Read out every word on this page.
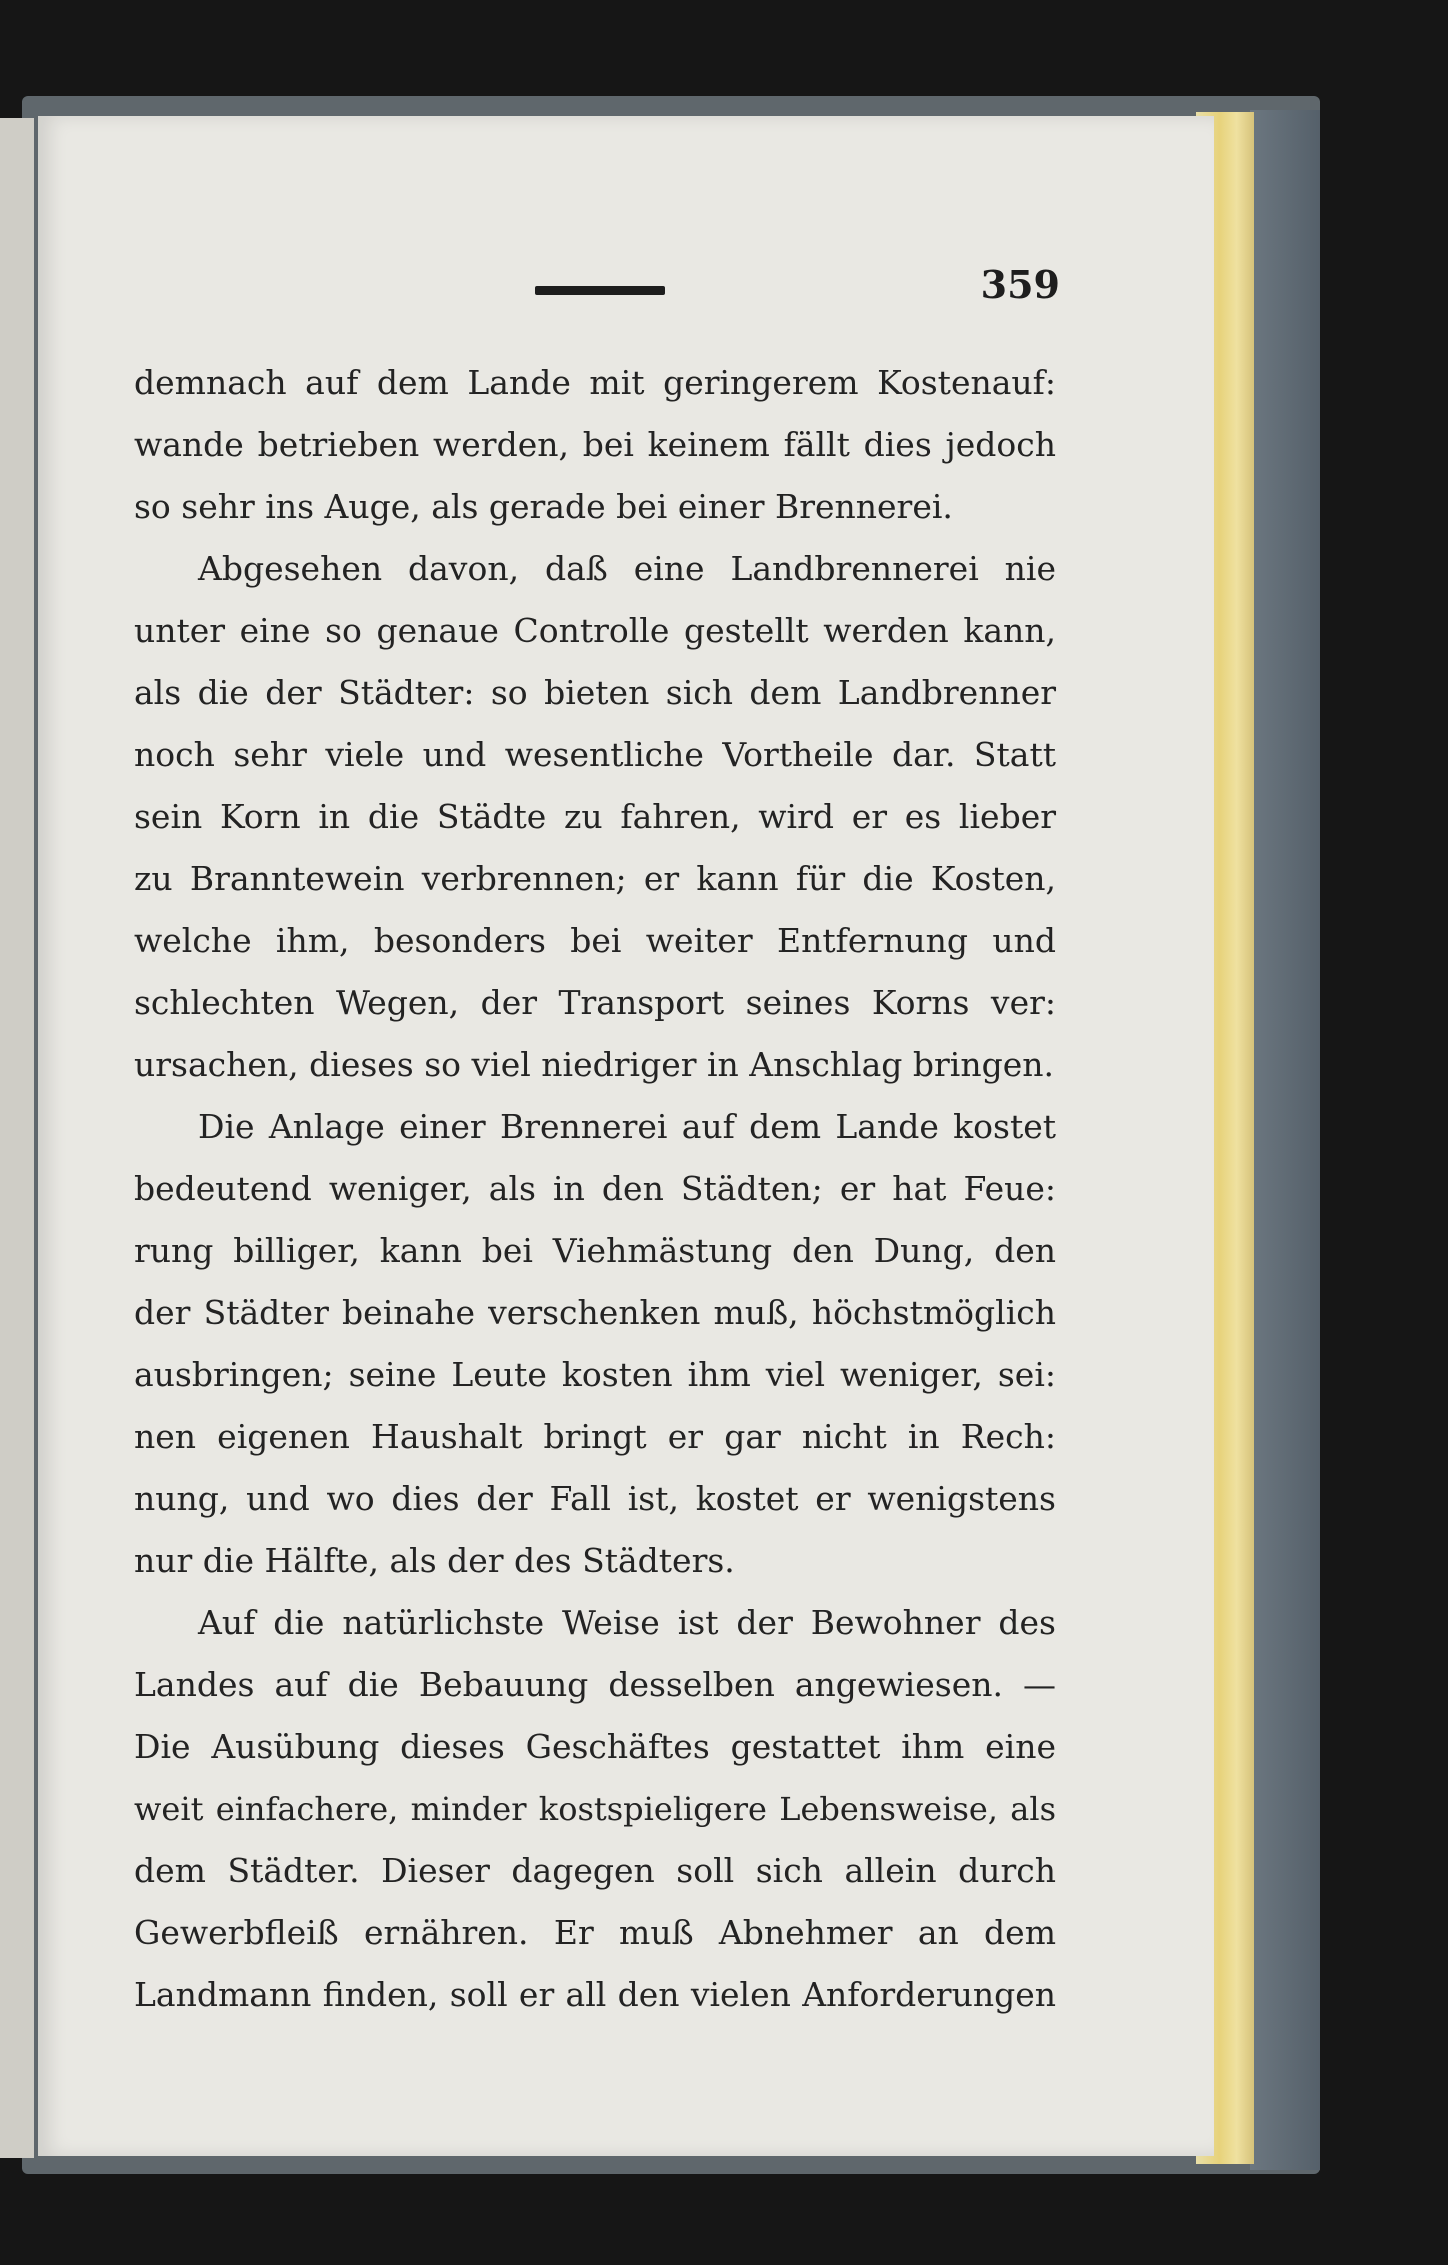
359
demnach auf dem Lande mit geringerem Kostenauf:
wande betrieben werden, bei keinem fällt dies jedoch
so sehr ins Auge, als gerade bei einer Brennerei.
Abgesehen davon, daß eine Landbrennerei nie
unter eine so genaue Controlle gestellt werden kann,
als die der Städter: so bieten sich dem Landbrenner
noch sehr viele und wesentliche Vortheile dar. Statt
sein Korn in die Städte zu fahren, wird er es lieber
zu Branntewein verbrennen; er kann für die Kosten,
welche ihm, besonders bei weiter Entfernung und
schlechten Wegen, der Transport seines Korns ver:
ursachen, dieses so viel niedriger in Anschlag bringen.
Die Anlage einer Brennerei auf dem Lande kostet
bedeutend weniger, als in den Städten; er hat Feue:
rung billiger, kann bei Viehmästung den Dung, den
der Städter beinahe verschenken muß, höchstmöglich
ausbringen; seine Leute kosten ihm viel weniger, sei:
nen eigenen Haushalt bringt er gar nicht in Rech:
nung, und wo dies der Fall ist, kostet er wenigstens
nur die Hälfte, als der des Städters.
Auf die natürlichste Weise ist der Bewohner des
Landes auf die Bebauung desselben angewiesen. —
Die Ausübung dieses Geschäftes gestattet ihm eine
weit einfachere, minder kostspieligere Lebensweise, als
dem Städter. Dieser dagegen soll sich allein durch
Gewerbfleiß ernähren. Er muß Abnehmer an dem
Landmann finden, soll er all den vielen Anforderungen
